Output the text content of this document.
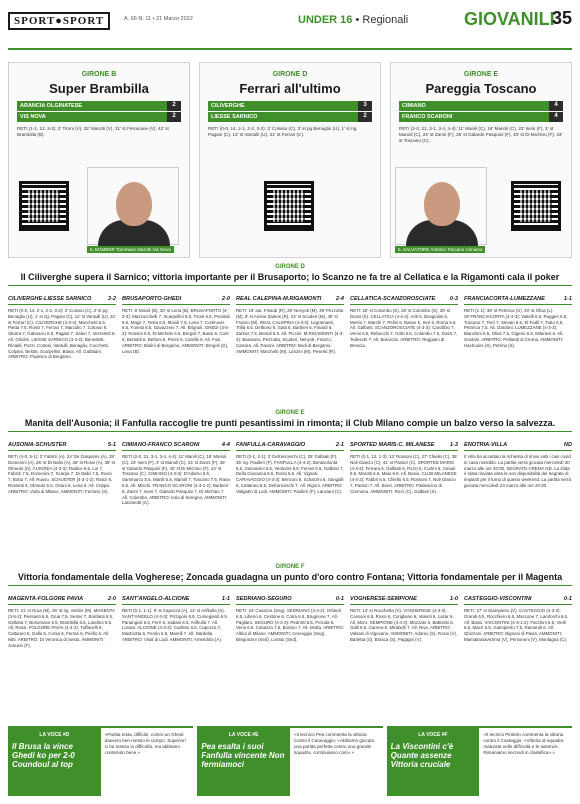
SPORT●SPORT	A. 66 N. 11 • 21 Marzo 2022	UNDER 16 • Regionali	GIOVANILI
35
GIRONE B
Super Brambilla
ARANCIA OLGINATESE	2
VIS NOVA	2
RETI (1-1, 12, 3-2): 2' Tironi (V), 32' Marotti (V), 31' st Ferracane (V); 43' st Brambilla (B).
IL BOMBER Tommaso Marotti Vis Nova
GIRONE D
Ferrari all'ultimo
CILIVERGHE	3
LIESSE SARNICO	2
RETI (0-0, 14, 2-1, 2-2, 3-2): 3' Colosio (C), 3' st pg Benaglio (U), 1' st rig. Pagani (C), 12' st Vantulli (U), 31' st Ferrari (C).
GIRONE E
Pareggia Toscano
CIMIANO	4
FRANCO SCARONI	4
RETI (2-0, 21, 3-1, 3-4, 4-4): 11' Manili (C), 18' Marioli (C), 23' Iseni (F), 3' st Manoli (C), 24' st Zanni (F), 36' st Galardo Pasquini (F), 40' st Di Michino (F), 43' st Toscano (C).
IL SALVATORE Antonio Toscano Cimiano
GIRONE D
Il Ciliverghe supera il Sarnico; vittoria importante per il Brusaporto; lo Scanzo ne fa tre al Cellatica e la Rigamonti cala il poker
CILIVERGHE-LIESSE SARNICO	3-2
RETI (0-0, 14, 2-1, 2-2, 3-2): 3' Colosio (C), 3' st pg Benaglio (U), 1' st rig. Pagani (C), 12' st Vantulli (U), 31' st Ferrari (C). CILIVERGHE (4-3-3): Macchetti 6.5, Pietta 7.5, Rossi 7, Ferrari 7, Marzullo 7, Colosio 8, Sbarra 7, Gaboscio 6.5, Pagani 7, Saleri 7, Verzeletti 6. All. Ghidini. LIESSE SARNICO (4-4-2): Benedetti, Rinaldi, Pozzi, Cortesi, Vantulli, Benaglio, Cocchetti, Colpani, Belotti, Scarpellini, Biava. All. Gabbiani. ARBITRO: Popescu di Bergamo.
BRUSAPORTO-GHEDI	2-0
RETI: 8' Moioli (B), 30' st Lena (B). BRUSAPORTO (4-3-3): Mazzucchelli 7, Scarpellini 6.5, Tironi 6.5, Previtali 6.5, Magri 7, Testa 6.5, Moioli 7.5, Lena 7, Cortinovis 6.5, Foresti 6.5, Gavazzeni 7. All. Brignoli. GHEDI (3-5-2): Rossini 6.5, Di Michele 6.5, Bregoli 7, Bassi 6, Cont 6, Bertoldi 6, Bettoni 6, Perini 6, Carella 6. All. Fusi. ARBITRO: Biolini di Bergamo. AMMONITI: Bregoli (G), Lena (B).
REAL CALEPINA-M.RIGAMONTI	2-4
RETI: 18' aut. Finardi (R), 28' Nenyok (M), 39' Pezzotta (M), 8' st Amine Zarkos (R), 24' st Scuderi (M), 40' st Franzo (M). REAL CALEPINA (4-3-3): Legramanti, Trilla 6.5, Delbono 6, Gatti 6, Barbieri 6, Finardi 6, Zarkos 7.5, Bertoli 6.5. All. Piccini. M.RIGAMONTI (4-3-3): Bassiano, Pezzotta, Scuderi, Nenyok, Franzo, Carrara. All. Pavoni. ARBITRO: Bodi di Bergamo. AMMONITI: Marchetti (M), Lanzini (M), Pesenti (R).
CELLATICA-SCANZOROSCIATE	0-3
RETI: 25' st Colombo (S), 25' st Colombo (S), 35' st Dossi (S). CELLATICA (4-4-2): Ariti 6, Bongiolini 6, Merini 7, Marchi 7, Pelini 6, Basso 6, Seri 6, Roma 5.5. All. Galfanti. SCANZOROSCIATE (4-3-3): Carobbio 7, Venni 6.5, Rebecchi 7, Gritti 6.5, Colombo 7.5, Dossi 7, Tedeschi 7. All. Bonvicini. ARBITRO: Reggiani di Brescia.
FRANCIACORTA-LUMEZZANE	1-1
RETI (1-1): 38' st Petrinca (S), 40' st Oliva (L). SF.FRANCIACORTA (4-3-3): Vaitelli 6.5, Roggeri 6.5, Toscano 7, Terri 7, Stevan 6.5, El Fadil 7, Tutto 6.5, Petrinca 7.5. All. Gardoni. LUMEZZANE (4-3-3): Bianchini 6.5, Oliva 7.5, Gigerio 6.5, Milanesi 6. All. Scalvini. ARBITRO: Pellandi di Crema. AMMONITI: Hachouini (S), Petrina (S).
GIRONE E
Manita dell'Ausonia; il Fanfulla raccoglie tre punti pesantissimi in rimonta; il Club Milano compie un balzo verso la salvezza.
AUSONIA-SCHUSTER	5-1
RETI (4-0, 5-1): 2' Fabrizi (A), 24' De Gasparini (A), 28' Domenini (A), 26' st Di Nallo (A), 38' st Rossi (A), 38' st Olmedo (S). AUSONIA (4-3-3): Radice 6.5, Loi 7, Fabrizi 7.5, Domenini 7, Scarpa 7, Di Nallo 7.5, Rossi 7, Botta 7. All. Russo. SCHUSTER (4-3-1-2): Ranzi 6, Rossetti 6, Olmedo 6.5, Oriani 6, Lena 6. All. Crippa. ARBITRO: Viola di Milano. AMMONITI: Ferrario (S).
CIMIANO-FRANCO SCARONI	4-4
RETI (2-0, 21, 3-1, 3-4, 4-4): 11' Manili (C), 18' Marioli (C), 23' Iseni (F), 3' st Manoli (C), 24' st Zanni (F), 36' st Galardo Pasquini (F), 40' st Di Michino (F), 43' st Toscano (C). CIMIANO (4-3-3): D'Adamo 5.5, Sammarco 5.5, Manili 6.5, Marioli 7, Toscano 7.5, Rana 6.5. All. Mischi. FRANCO SCARONI (4-3-1-2): Barbieri 6, Zanni 7, Iseni 7, Galardo Pasquini 7, Di Michino 7. All. Colombo. ARBITRO: Iorio di Seregno. AMMONITI: Lanzarotti (C).
FANFULLA-CARAVAGGIO	2-1
RETI (0-1, 2-1): 2' Defranceschi (C), 25' Galbiati (F), 35' rig. Paulleri (F). FANFULLA (4-4-2): Bonavolontà 6.5, Garrassini 6.5, Venturini 6.5, Ferrari 6.5, Galbiati 7, Della Giovanna 6.5, Rossi 6.5. All. Vignati. CARAVAGGIO (4-3-3): Benzoni 6, Scharzini 6, Sangalli 6, Cattaneo 6.5, Defranceschi 7. All. Rigoni. ARBITRO: Valigatto di Lodi. AMMONITI: Paulleri (F), Lanciani (C).
SPORTED MARIS-C. MILANESE	1-3
RETI (0-1, 12, 1-3): 13' Rossoni (C), 27' Chiello (C), 36' Noè Dianzo (C), 41' st Pastori (C). SPORTED MARIS (4-4-2): Ferrara 6, Galbiati 6, Pozzi 6, Curtini 6, Cesari 6.5, Marotti 6.5, Maio 6.5. All. Bosio. CLUB MILANESE (4-4-2): Fabbri 6.5, Chiello 6.5, Rossoni 7, Noè Dianzo 7, Pastori 7. All. Boeri. ARBITRO: Pallavicino di Cremona. AMMONITI: Ricci (C), Galbiati (S).
ENOTRIA-VILLA	ND
Il Villa ha accettato la richiesta di rinvio visti i casi covid in casa rossoblù. La partita verrà giocata mercoledì 30 marzo alle ore 20:30. SEGRATE-CREMA ND. La sfida è stata rinviata vista la non disponibilità del Segrate di impianti per il turno di questo weekend. La partita verrà giocata mercoledì 23 marzo alle ore 20:30.
GIRONE F
Vittoria fondamentale della Vogherese; Zoncada guadagna un punto d'oro contro Fontana; Vittoria fondamentale per il Magenta
MAGENTA-FOLGORE PAVIA	2-0
RETI: 21' st Grua (M), 35' st rig. Sesler (M). MAGENTA (3-5-2): Piersanti 6.5, Grua 7.5, Sesler 7, Bonfanti 6.5, Gallotta 7, Bonomaso 6.5, Brambilla 6.5, Landino 6.5. All. Rossi. FOLGORE PAVIA (4-4-2): Tuffanelli 6, Cattaneo 6, Gallo 6, Corsa 6, Ferrari 6, Perillo 6. All. Nitti. ARBITRO: Di Veronica di Sesto. AMMONITI: Jonussi (F).
SANT'ANGELO-ALCIONE	1-1
RETI (0-1, 1-1): 8' st Capozza (A), 13' st Arifkulla (S). SANT'ANGELO (4-3-3): Pizzigoni 6.5, Cumegiardi 6.5, Panangioli 6.5, Ferri 6, Sabani 6.5, Arifkulla 7. All. Lovato. ALCIONE (4-3-3): Codiloni 6.5, Capozza 7, Mastriotta 6, Ferdio 6.5, Marelli 7. All. Nardella. ARBITRO: Vitali di Lodi. AMMONITI: Amendola (A).
SEDRIANO-SEGURO	0-1
RETI: 24' Casazza (Seg). SEDRIANO (4-4-2): Orlandi 6.5, Liberio 6, Cestone 6, Cotra 6.5, Brugnone 7. All. Pagliaro. SEGURO (4-3-3): Pedrotti 6.5, Peruda 6, Vena 6.5, Casazza 7.5, Bovisio 7. All. Motta. ARBITRO: Albini di Milano. AMMONITI: Cereoggio (Seg), Bregonzini (Sed), Lovato (Sed).
VOGHERESE-SEMPIONE	1-0
RETI: 13' st Rocchetta (V). VOGHERESE (4-3-3): Cossoni 6.5, Rossi 6, Corigliano 6, Valenti 6, Lazar 6. All. Moro. SEMPIONE (4-4-2): Mozzato 6, Battistini 6, Galli 6.5, Carrera 6, Mirabelli 7. All. Riva. ARBITRO: Valsani di Vigevano. AMMONITI: Adamo (S), Rossi (V), Barletta (S), Brasca (S), Pagagni (V).
CASTEGGIO-VISCONTINI	0-1
RETI: 27' st Giampietro (V). CASTEGGIO (4-3-3): Grandi 6.5, Rocchiero 6.5, Maccone 7, Lamforchi 6.5. All. Bassi. VISCONTINI (4-3-1-2): Facchini 6.5, Vielli 6.5, Macrì 6.5, Giampietro 7.5, Ramondi 6. All. Ghizzoni. ARBITRO: Bignoni di Pavia. AMMONITI: Mamaitasiavezima (V), Personeni (V), Montagna (C).
LA VOCE #D
Il Brusa la vince Ghedi ko per 2-0 Coundoul al top
«Partita tosta, difficile, contro un Ghedi davvero ben messo in campo. Superiori ci ha messo in difficoltà, ma abbiamo contenuto bene.»
LA VOCE #E
Pea esalta i suoi Fanfulla vincente Non fermiamoci
«Il tecnico Pea commenta la vittoria contro il Caravaggio: «Abbiamo giocato una partita perfetta contro una grande squadra, continuiamo così».»
LA VOCE #F
La Viscontini c'è Quante assenze Vittoria cruciale
«Il tecnico Pinietro commenta la vittoria contro il Casteggio: «Vittoria di squadra maturata nelle difficoltà e le assenze. Rimaniamo secondi in classifica».»
